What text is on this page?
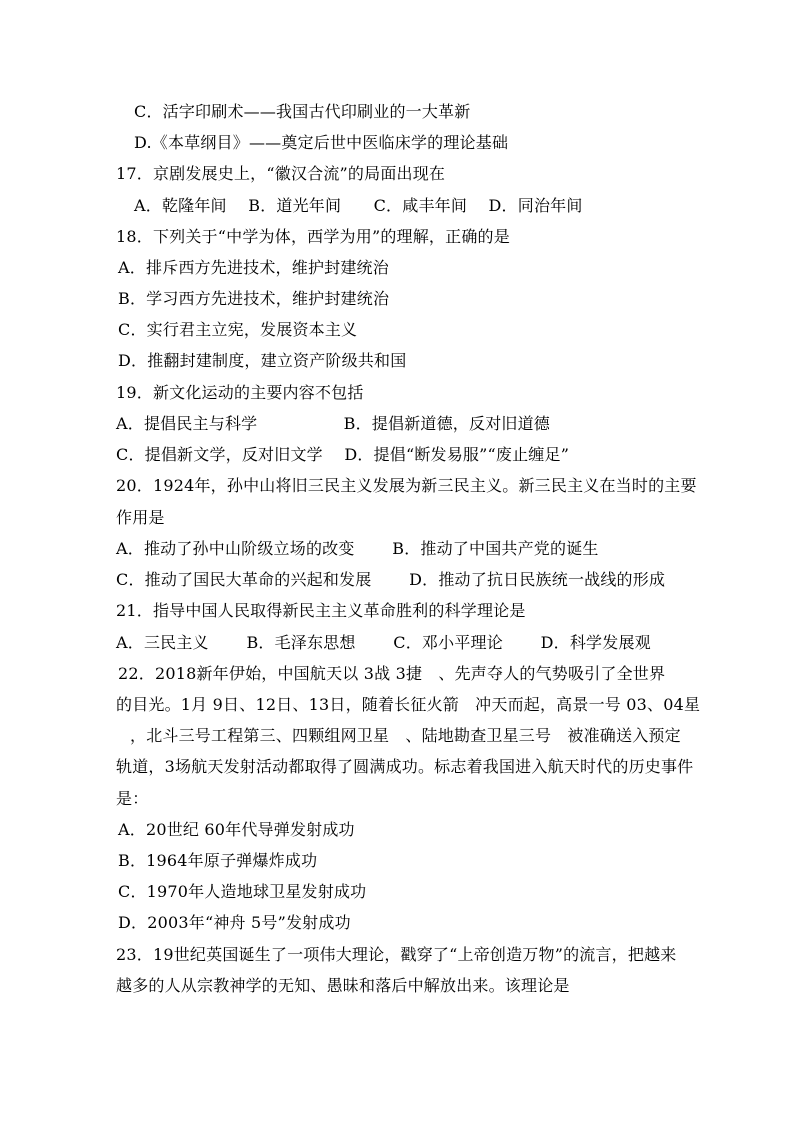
C．活字印刷术——我国古代印刷业的一大革新
D.《本草纲目》——奠定后世中医临床学的理论基础
17．京剧发展史上，“徽汉合流”的局面出现在
A．乾隆年间　 B．道光年间　　C．咸丰年间　 D．同治年间
18．下列关于“中学为体，西学为用”的理解，正确的是
A．排斥西方先进技术，维护封建统治
B．学习西方先进技术，维护封建统治
C．实行君主立宪，发展资本主义
D．推翻封建制度，建立资产阶级共和国
19．新文化运动的主要内容不包括
A．提倡民主与科学　　　　　 B．提倡新道德，反对旧道德
C．提倡新文学，反对旧文学　 D．提倡“断发易服”“废止缠足”
20．1924年，孙中山将旧三民主义发展为新三民主义。新三民主义在当时的主要
作用是
A．推动了孙中山阶级立场的改变　　 B．推动了中国共产党的诞生
C．推动了国民大革命的兴起和发展　　 D．推动了抗日民族统一战线的形成
21．指导中国人民取得新民主主义革命胜利的科学理论是
A．三民主义　　 B．毛泽东思想　　 C．邓小平理论　　 D．科学发展观
22．2018新年伊始，中国航天以 3战 3捷　、先声夺人的气势吸引了全世界
的目光。1月 9日、12日、13日，随着长征火箭　冲天而起，高景一号 03、04星
，北斗三号工程第三、四颗组网卫星　、陆地勘查卫星三号　被准确送入预定
轨道，3场航天发射活动都取得了圆满成功。标志着我国进入航天时代的历史事件
是：
A．20世纪 60年代导弹发射成功
B．1964年原子弹爆炸成功
C．1970年人造地球卫星发射成功
D．2003年“神舟 5号”发射成功
23．19世纪英国诞生了一项伟大理论，戳穿了“上帝创造万物”的流言，把越来
越多的人从宗教神学的无知、愚昧和落后中解放出来。该理论是
